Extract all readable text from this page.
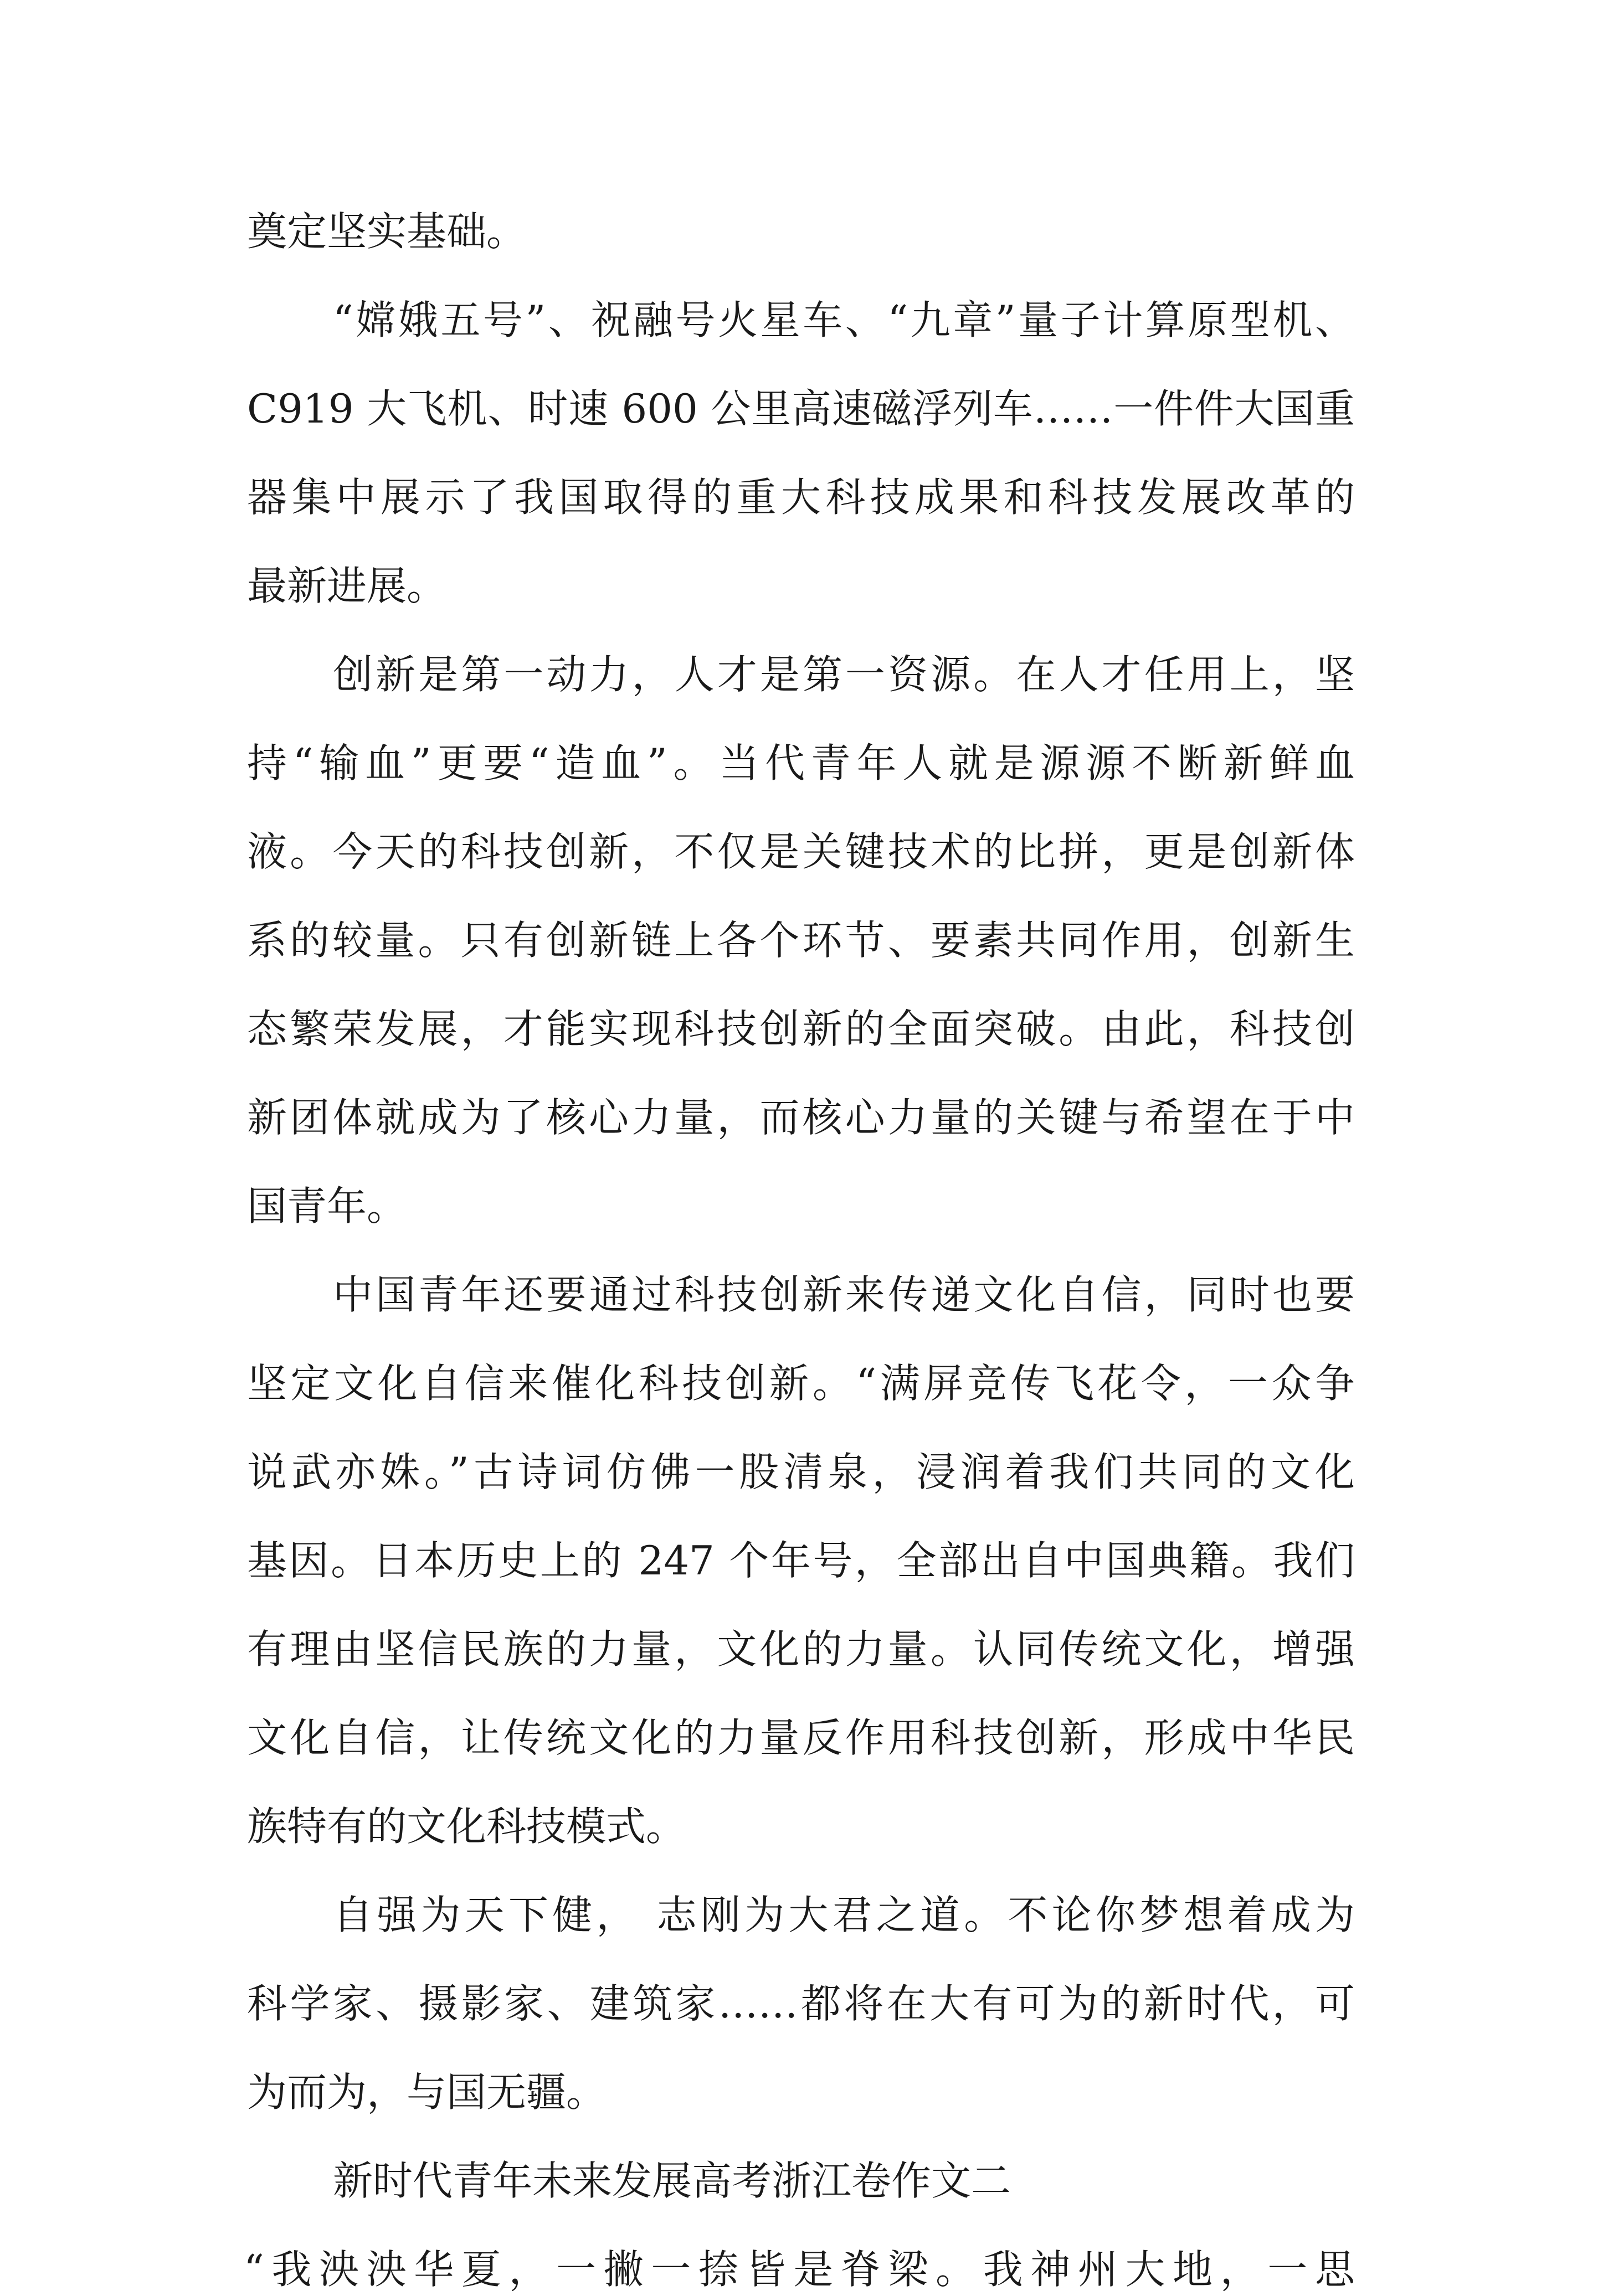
奠定坚实基础。

“嫦娥五号”、祝融号火星车、“九章”量子计算原型机、

C919 大飞机、时速 600 公里高速磁浮列车……一件件大国重

器集中展示了我国取得的重大科技成果和科技发展改革的

最新进展。

创新是第一动力，人才是第一资源。在人才任用上，坚

持“输血”更要“造血”。当代青年人就是源源不断新鲜血

液。今天的科技创新，不仅是关键技术的比拼，更是创新体

系的较量。只有创新链上各个环节、要素共同作用，创新生

态繁荣发展，才能实现科技创新的全面突破。由此，科技创

新团体就成为了核心力量，而核心力量的关键与希望在于中

国青年。

中国青年还要通过科技创新来传递文化自信，同时也要

坚定文化自信来催化科技创新。“满屏竞传飞花令，一众争

说武亦姝。”古诗词仿佛一股清泉，浸润着我们共同的文化

基因。日本历史上的 247 个年号，全部出自中国典籍。我们

有理由坚信民族的力量，文化的力量。认同传统文化，增强

文化自信，让传统文化的力量反作用科技创新，形成中华民

族特有的文化科技模式。

自强为天下健， 志刚为大君之道。不论你梦想着成为

科学家、摄影家、建筑家……都将在大有可为的新时代，可

为而为，与国无疆。

新时代青年未来发展高考浙江卷作文二

“我泱泱华夏，一撇一捺皆是脊梁。我神州大地，一思
